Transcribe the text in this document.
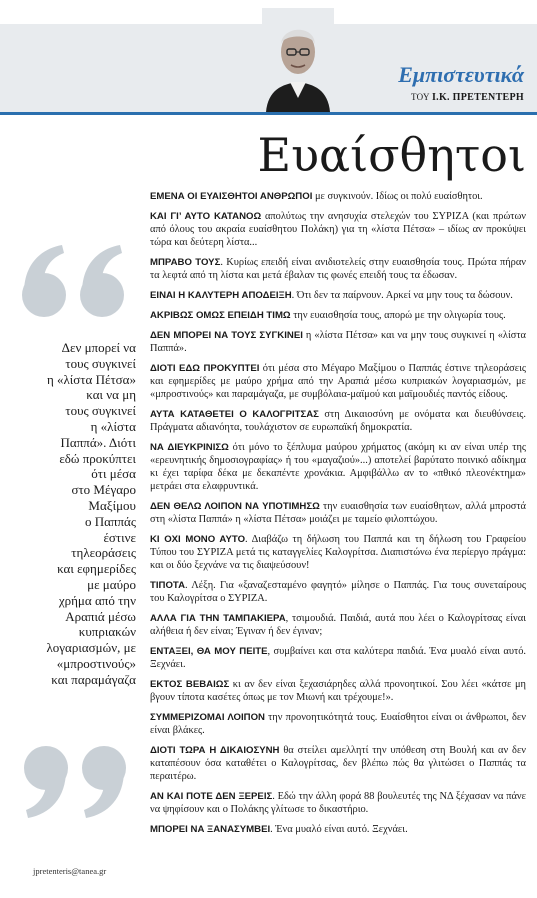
Εμπιστευτικά
ΤΟΥ Ι.Κ. ΠΡΕΤΕΝΤΕΡΗ
Ευαίσθητοι

ΕΜΕΝΑ ΟΙ ΕΥΑΙΣΘΗΤΟΙ ΑΝΘΡΩΠΟΙ με συγκινούν. Ιδίως οι πολύ ευαίσθητοι.

ΚΑΙ ΓΙ’ ΑΥΤΟ ΚΑΤΑΝΟΩ απολύτως την ανησυχία στελεχών του ΣΥΡΙΖΑ (και πρώτων από όλους του ακραία ευαίσθητου Πολάκη) για τη «λίστα Πέτσα» – ιδίως αν προκύψει τώρα και δεύτερη λίστα...

ΜΠΡΑΒΟ ΤΟΥΣ. Κυρίως επειδή είναι ανιδιοτελείς στην ευαισθησία τους. Πρώτα πήραν τα λεφτά από τη λίστα και μετά έβαλαν τις φωνές επειδή τους τα έδωσαν.

ΕΙΝΑΙ Η ΚΑΛΥΤΕΡΗ ΑΠΟΔΕΙΞΗ. Ότι δεν τα παίρνουν. Αρκεί να μην τους τα δώσουν.

ΑΚΡΙΒΩΣ ΟΜΩΣ ΕΠΕΙΔΗ ΤΙΜΩ την ευαισθησία τους, απορώ με την ολιγωρία τους.

ΔΕΝ ΜΠΟΡΕΙ ΝΑ ΤΟΥΣ ΣΥΓΚΙΝΕΙ η «λίστα Πέτσα» και να μην τους συγκινεί η «λίστα Παππά».

ΔΙΟΤΙ ΕΔΩ ΠΡΟΚΥΠΤΕΙ ότι μέσα στο Μέγαρο Μαξίμου ο Παππάς έστινε τηλεοράσεις και εφημερίδες με μαύρο χρήμα από την Αραπιά μέσω κυπριακών λογαριασμών, με «μπροστινούς» και παραμάγαζα, με συμβόλαια-μαϊμού και μαϊμουδιές παντός είδους.

ΑΥΤΑ ΚΑΤΑΘΕΤΕΙ Ο ΚΑΛΟΓΡΙΤΣΑΣ στη Δικαιοσύνη με ονόματα και διευθύνσεις. Πράγματα αδιανόητα, τουλάχιστον σε ευρωπαϊκή δημοκρατία.

ΝΑ ΔΙΕΥΚΡΙΝΙΣΩ ότι μόνο το ξέπλυμα μαύρου χρήματος (ακόμη κι αν είναι υπέρ της «ερευνητικής δημοσιογραφίας» ή του «μαγαζιού»...) αποτελεί βαρύτατο ποινικό αδίκημα κι έχει ταρίφα δέκα με δεκαπέντε χρονάκια. Αμφιβάλλω αν το «πθικό πλεονέκτημα» μετράει στα ελαφρυντικά.

ΔΕΝ ΘΕΛΩ ΛΟΙΠΟΝ ΝΑ ΥΠΟΤΙΜΗΣΩ την ευαισθησία των ευαίσθητων, αλλά μπροστά στη «λίστα Παππά» η «λίστα Πέτσα» μοιάζει με ταμείο φιλοπτώχου.

ΚΙ ΟΧΙ ΜΟΝΟ ΑΥΤΟ. Διαβάζω τη δήλωση του Παππά και τη δήλωση του Γραφείου Τύπου του ΣΥΡΙΖΑ μετά τις καταγγελίες Καλογρίτσα. Διαπιστώνω ένα περίεργο πράγμα: και οι δύο ξεχνάνε να τις διαψεύσουν!

ΤΙΠΟΤΑ. Λέξη. Για «ξαναζεσταμένο φαγητό» μίλησε ο Παππάς. Για τους συνεταίρους του Καλογρίτσα ο ΣΥΡΙΖΑ.

ΑΛΛΑ ΓΙΑ ΤΗΝ ΤΑΜΠΑΚΙΕΡΑ, τσιμουδιά. Παιδιά, αυτά που λέει ο Καλογρίτσας είναι αλήθεια ή δεν είναι; Έγιναν ή δεν έγιναν;

ΕΝΤΑΞΕΙ, ΘΑ ΜΟΥ ΠΕΙΤΕ, συμβαίνει και στα καλύτερα παιδιά. Ένα μυαλό είναι αυτό. Ξεχνάει.

ΕΚΤΟΣ ΒΕΒΑΙΩΣ κι αν δεν είναι ξεχασιάρηδες αλλά προνοητικοί. Σου λέει «κάτσε μη βγουν τίποτα κασέτες όπως με τον Μιωνή και τρέχουμε!».

ΣΥΜΜΕΡΙΖΟΜΑΙ ΛΟΙΠΟΝ την προνοητικότητά τους. Ευαίσθητοι είναι οι άνθρωποι, δεν είναι βλάκες.

ΔΙΟΤΙ ΤΩΡΑ Η ΔΙΚΑΙΟΣΥΝΗ θα στείλει αμελλητί την υπόθεση στη Βουλή και αν δεν καταπέσουν όσα καταθέτει ο Καλογρίτσας, δεν βλέπω πώς θα γλιτώσει ο Παππάς τα περαιτέρω.

ΑΝ ΚΑΙ ΠΟΤΕ ΔΕΝ ΞΕΡΕΙΣ. Εδώ την άλλη φορά 88 βουλευτές της ΝΔ ξέχασαν να πάνε να ψηφίσουν και ο Πολάκης γλίτωσε το δικαστήριο.

ΜΠΟΡΕΙ ΝΑ ΞΑΝΑΣΥΜΒΕΙ. Ένα μυαλό είναι αυτό. Ξεχνάει.

Δεν μπορεί να
τους συγκινεί
η «λίστα Πέτσα»
και να μη
τους συγκινεί
η «λίστα
Παππά». Διότι
εδώ προκύπτει
ότι μέσα
στο Μέγαρο
Μαξίμου
ο Παππάς
έστινε
τηλεοράσεις
και εφημερίδες
με μαύρο
χρήμα από την
Αραπιά μέσω
κυπριακών
λογαριασμών, με
«μπροστινούς»
και παραμάγαζα
jpretenteris@tanea.gr
